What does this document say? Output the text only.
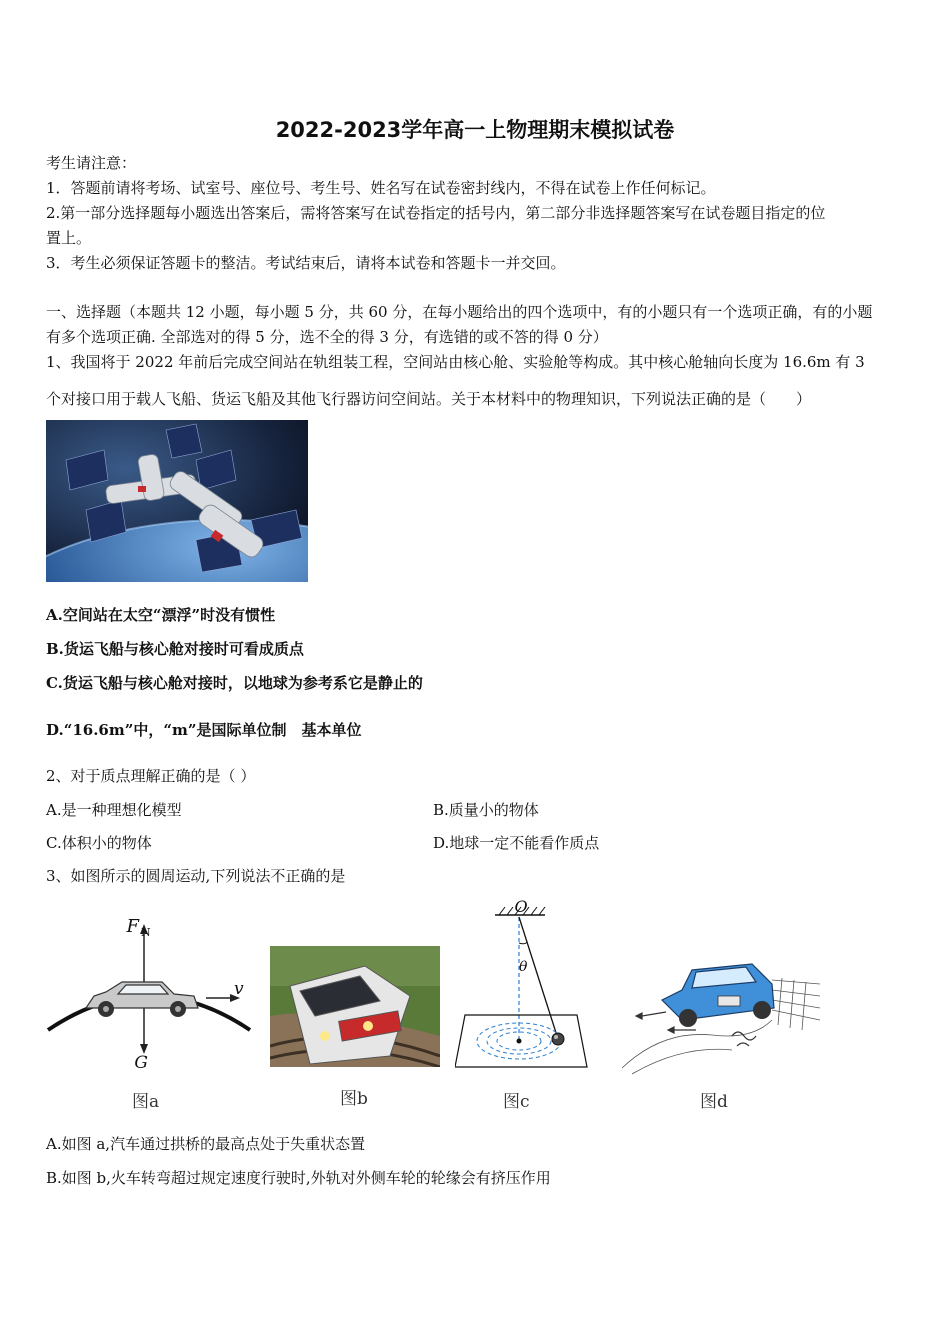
2022-2023学年高一上物理期末模拟试卷
考生请注意：
1．答题前请将考场、试室号、座位号、考生号、姓名写在试卷密封线内，不得在试卷上作任何标记。
2.第一部分选择题每小题选出答案后，需将答案写在试卷指定的括号内，第二部分非选择题答案写在试卷题目指定的位
置上。
3．考生必须保证答题卡的整洁。考试结束后，请将本试卷和答题卡一并交回。
一、选择题（本题共 12 小题，每小题 5 分，共 60 分，在每小题给出的四个选项中，有的小题只有一个选项正确，有的小题
有多个选项正确. 全部选对的得 5 分，选不全的得 3 分，有选错的或不答的得 0 分）
1、我国将于 2022 年前后完成空间站在轨组装工程，空间站由核心舱、实验舱等构成。其中核心舱轴向长度为 16.6m 有 3
个对接口用于载人飞船、货运飞船及其他飞行器访问空间站。关于本材料中的物理知识，下列说法正确的是（　　）
A.空间站在太空“漂浮”时没有惯性
B.货运飞船与核心舱对接时可看成质点
C.货运飞船与核心舱对接时，以地球为参考系它是静止的
D.“16.6m”中，“m”是国际单位制　基本单位
2、对于质点理解正确的是（ ）
A.是一种理想化模型	B.质量小的物体
C.体积小的物体	D.地球一定不能看作质点
3、如图所示的圆周运动,下列说法不正确的是
F N
G
v
图a	图b
O
θ
图c	图d
A.如图 a,汽车通过拱桥的最高点处于失重状态置
B.如图 b,火车转弯超过规定速度行驶时,外轨对外侧车轮的轮缘会有挤压作用
